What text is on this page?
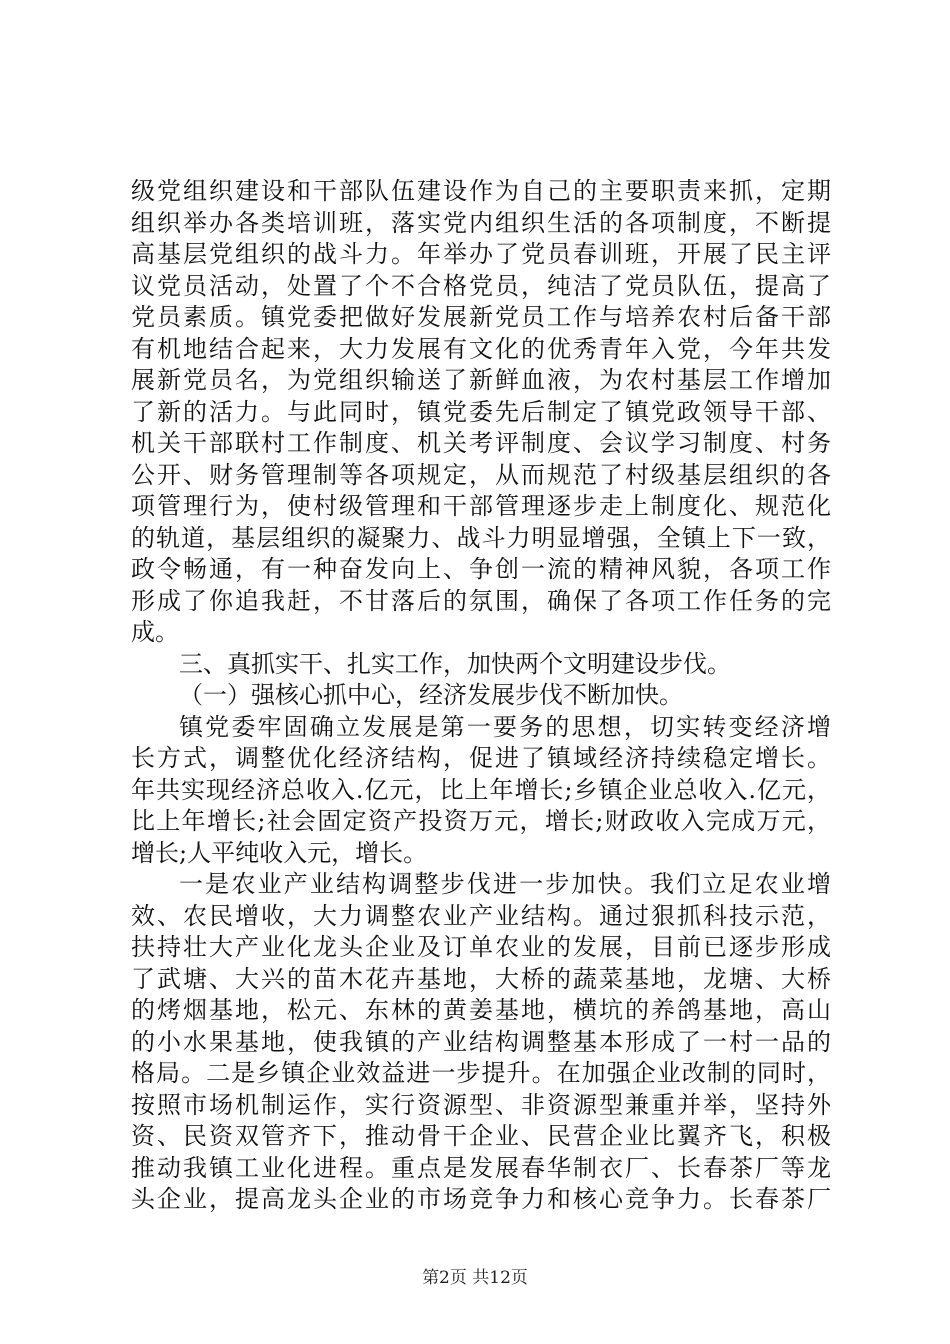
级党组织建设和干部队伍建设作为自己的主要职责来抓，定期
组织举办各类培训班，落实党内组织生活的各项制度，不断提
高基层党组织的战斗力。年举办了党员春训班，开展了民主评
议党员活动，处置了个不合格党员，纯洁了党员队伍，提高了
党员素质。镇党委把做好发展新党员工作与培养农村后备干部
有机地结合起来，大力发展有文化的优秀青年入党，今年共发
展新党员名，为党组织输送了新鲜血液，为农村基层工作增加
了新的活力。与此同时，镇党委先后制定了镇党政领导干部、
机关干部联村工作制度、机关考评制度、会议学习制度、村务
公开、财务管理制等各项规定，从而规范了村级基层组织的各
项管理行为，使村级管理和干部管理逐步走上制度化、规范化
的轨道，基层组织的凝聚力、战斗力明显增强，全镇上下一致，
政令畅通，有一种奋发向上、争创一流的精神风貌，各项工作
形成了你追我赶，不甘落后的氛围，确保了各项工作任务的完
成。
三、真抓实干、扎实工作，加快两个文明建设步伐。
（一）强核心抓中心，经济发展步伐不断加快。
镇党委牢固确立发展是第一要务的思想，切实转变经济增
长方式，调整优化经济结构，促进了镇域经济持续稳定增长。
年共实现经济总收入.亿元，比上年增长;乡镇企业总收入.亿元，
比上年增长;社会固定资产投资万元，增长;财政收入完成万元，
增长;人平纯收入元，增长。
一是农业产业结构调整步伐进一步加快。我们立足农业增
效、农民增收，大力调整农业产业结构。通过狠抓科技示范，
扶持壮大产业化龙头企业及订单农业的发展，目前已逐步形成
了武塘、大兴的苗木花卉基地，大桥的蔬菜基地，龙塘、大桥
的烤烟基地，松元、东林的黄姜基地，横坑的养鸽基地，高山
的小水果基地，使我镇的产业结构调整基本形成了一村一品的
格局。二是乡镇企业效益进一步提升。在加强企业改制的同时，
按照市场机制运作，实行资源型、非资源型兼重并举，坚持外
资、民资双管齐下，推动骨干企业、民营企业比翼齐飞，积极
推动我镇工业化进程。重点是发展春华制衣厂、长春茶厂等龙
头企业，提高龙头企业的市场竞争力和核心竞争力。长春茶厂
第2页 共12页
